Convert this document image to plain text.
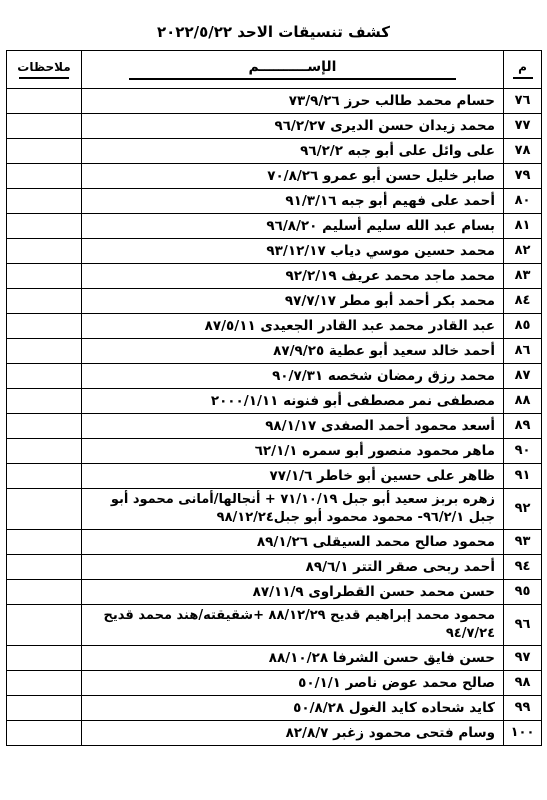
كشف تنسيقات الاحد ٢٠٢٢/٥/٢٢
م	الإســــــــــم	ملاحظات

٧٦	حسام محمد طالب حرز ٧٣/٩/٢٦	
٧٧	محمد زيدان حسن الديرى ٩٦/٢/٢٧	
٧٨	على وائل على أبو جبه ٩٦/٢/٢	
٧٩	صابر خليل حسن أبو عمرو ٧٠/٨/٢٦	
٨٠	أحمد على فهيم أبو جبه ٩١/٣/١٦	
٨١	بسام عبد الله سليم أسليم ٩٦/٨/٢٠	
٨٢	محمد حسين موسي دياب ٩٣/١٢/١٧	
٨٣	محمد ماجد محمد عريف ٩٢/٢/١٩	
٨٤	محمد بكر أحمد أبو مطر ٩٧/٧/١٧	
٨٥	عبد القادر محمد عبد القادر الجعيدى ٨٧/٥/١١	
٨٦	أحمد خالد سعيد أبو عطية ٨٧/٩/٢٥	
٨٧	محمد رزق رمضان شخصه ٩٠/٧/٣١	
٨٨	مصطفى نمر مصطفى أبو فنونه ٢٠٠٠/١/١١	
٨٩	أسعد محمود أحمد الصفدى ٩٨/١/١٧	
٩٠	ماهر محمود منصور أبو سمره ٦٢/١/١	
٩١	ظاهر على حسين أبو خاطر ٧٧/١/٦	
٩٢	زهره بربز سعيد أبو جبل ٧١/١٠/١٩ + أنجالها/أمانى محمود أبو جبل ٩٦/٢/١- محمود محمود أبو جبل٩٨/١٢/٢٤	
٩٣	محمود صالح محمد السيقلى ٨٩/١/٢٦	
٩٤	أحمد ربحى صقر التتر ٨٩/٦/١	
٩٥	حسن محمد حسن القطراوى ٨٧/١١/٩	
٩٦	محمود محمد إبراهيم قديح ٨٨/١٢/٢٩ +شقيقته/هند محمد قديح ٩٤/٧/٢٤	
٩٧	حسن فايق حسن الشرفا ٨٨/١٠/٢٨	
٩٨	صالح محمد عوض ناصر ٥٠/١/١	
٩٩	كايد شحاده كايد الغول ٥٠/٨/٢٨	
١٠٠	وسام فتحى محمود زغبر ٨٢/٨/٧	
